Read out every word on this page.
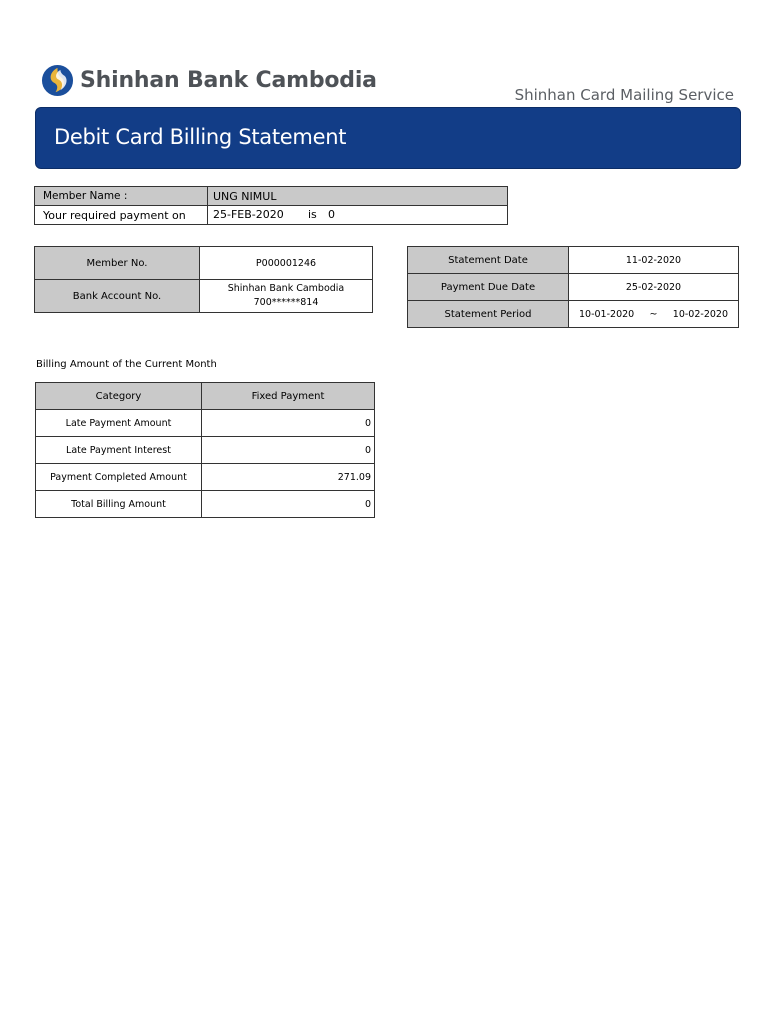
Shinhan Bank Cambodia
Shinhan Card Mailing Service
Debit Card Billing Statement
Member Name :	UNG NIMUL
Your required payment on	25-FEB-2020 is 0
Member No.	P000001246
Bank Account No.	Shinhan Bank Cambodia
700******814
Statement Date	11-02-2020
Payment Due Date	25-02-2020
Statement Period	10-01-2020 ~ 10-02-2020
Billing Amount of the Current Month
Category	Fixed Payment
Late Payment Amount	0
Late Payment Interest	0
Payment Completed Amount	271.09
Total Billing Amount	0
